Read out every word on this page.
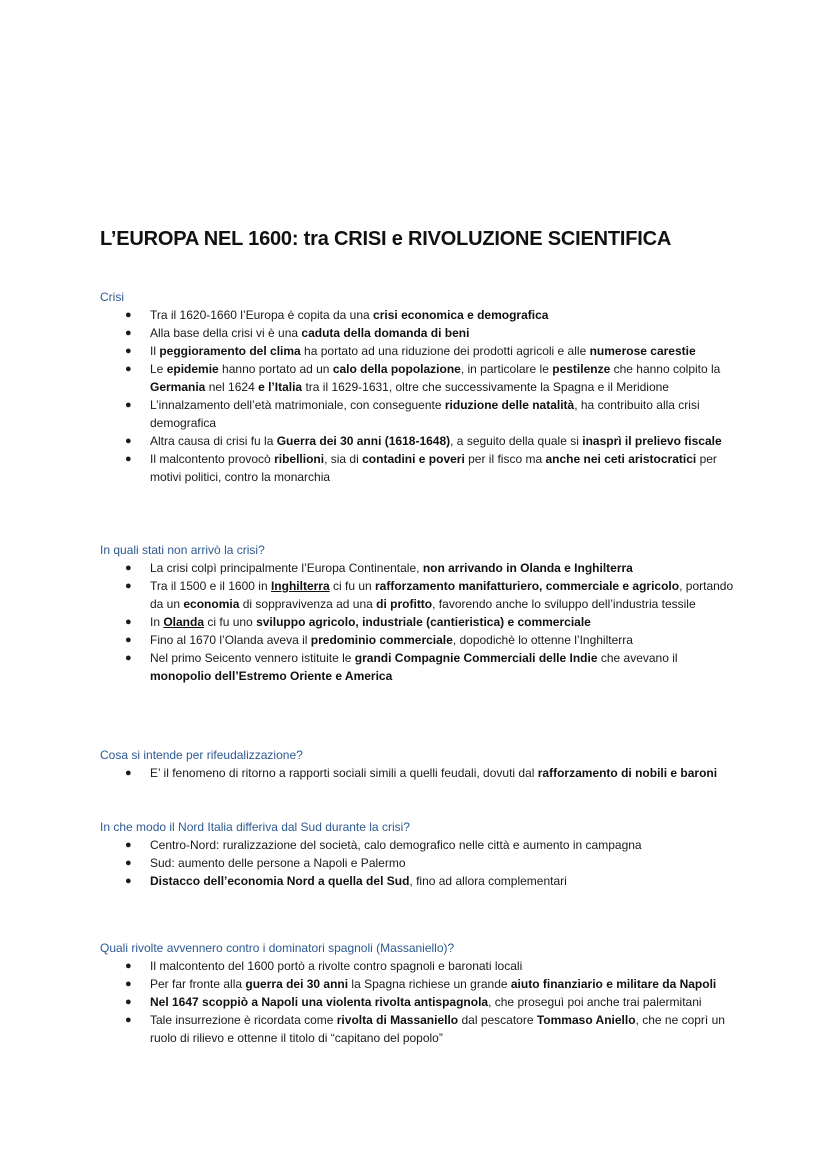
L’EUROPA NEL 1600: tra CRISI e RIVOLUZIONE SCIENTIFICA
Crisi
● Tra il 1620-1660 l’Europa è copita da una crisi economica e demografica
● Alla base della crisi vi è una caduta della domanda di beni
● Il peggioramento del clima ha portato ad una riduzione dei prodotti agricoli e alle numerose carestie
● Le epidemie hanno portato ad un calo della popolazione, in particolare le pestilenze che hanno colpito la Germania nel 1624 e l’Italia tra il 1629-1631, oltre che successivamente la Spagna e il Meridione
● L’innalzamento dell’età matrimoniale, con conseguente riduzione delle natalità, ha contribuito alla crisi demografica
● Altra causa di crisi fu la Guerra dei 30 anni (1618-1648), a seguito della quale si inasprì il prelievo fiscale
● Il malcontento provocò ribellioni, sia di contadini e poveri per il fisco ma anche nei ceti aristocratici per motivi politici, contro la monarchia
In quali stati non arrivò la crisi?
● La crisi colpì principalmente l’Europa Continentale, non arrivando in Olanda e Inghilterra
● Tra il 1500 e il 1600 in Inghilterra ci fu un rafforzamento manifatturiero, commerciale e agricolo, portando da un economia di soppravivenza ad una di profitto, favorendo anche lo sviluppo dell’industria tessile
● In Olanda ci fu uno sviluppo agricolo, industriale (cantieristica) e commerciale
● Fino al 1670 l’Olanda aveva il predominio commerciale, dopodichè lo ottenne l’Inghilterra
● Nel primo Seicento vennero istituite le grandi Compagnie Commerciali delle Indie che avevano il monopolio dell’Estremo Oriente e America
Cosa si intende per rifeudalizzazione?
● E’ il fenomeno di ritorno a rapporti sociali simili a quelli feudali, dovuti dal rafforzamento di nobili e baroni
In che modo il Nord Italia differiva dal Sud durante la crisi?
● Centro-Nord: ruralizzazione del società, calo demografico nelle città e aumento in campagna
● Sud: aumento delle persone a Napoli e Palermo
● Distacco dell’economia Nord a quella del Sud, fino ad allora complementari
Quali rivolte avvennero contro i dominatori spagnoli (Massaniello)?
● Il malcontento del 1600 portò a rivolte contro spagnoli e baronati locali
● Per far fronte alla guerra dei 30 anni la Spagna richiese un grande aiuto finanziario e militare da Napoli
● Nel 1647 scoppiò a Napoli una violenta rivolta antispagnola, che proseguì poi anche trai palermitani
● Tale insurrezione è ricordata come rivolta di Massaniello dal pescatore Tommaso Aniello, che ne coprì un ruolo di rilievo e ottenne il titolo di “capitano del popolo”
